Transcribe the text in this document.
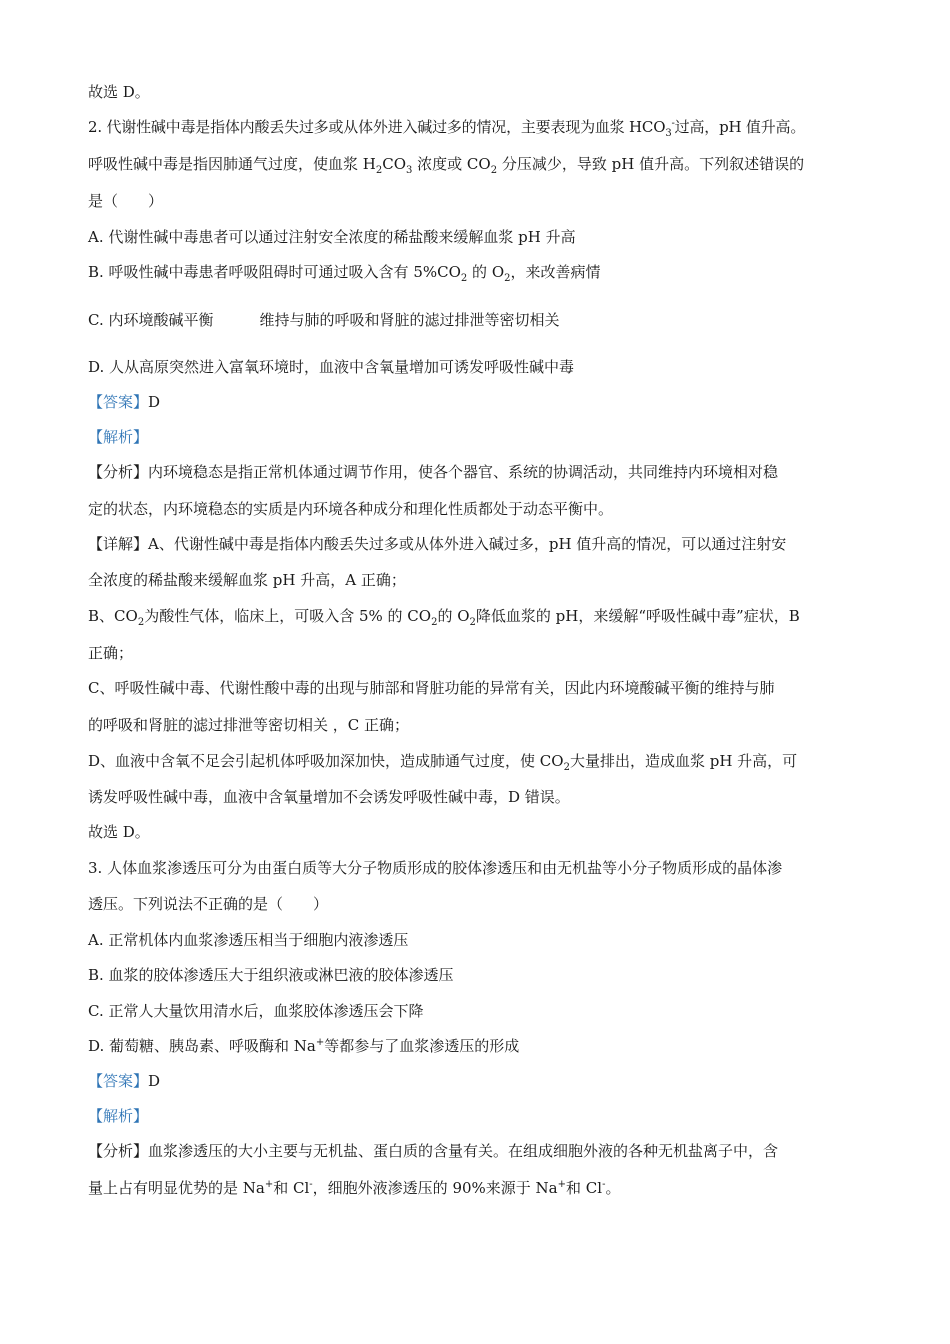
故选 D。
2. 代谢性碱中毒是指体内酸丢失过多或从体外进入碱过多的情况，主要表现为血浆 $HCO_3^-$过高，pH 值升高。
呼吸性碱中毒是指因肺通气过度，使血浆 $H_2CO_3$ 浓度或 $CO_2$ 分压减少，导致 pH 值升高。下列叙述错误的
是（　　）
A. 代谢性碱中毒患者可以通过注射安全浓度的稀盐酸来缓解血浆 pH 升高
B. 呼吸性碱中毒患者呼吸阻碍时可通过吸入含有 $5\%CO_2$ 的 $O_2$，来改善病情
C. 内环境酸碱平衡	维持与肺的呼吸和肾脏的滤过排泄等密切相关
D. 人从高原突然进入富氧环境时，血液中含氧量增加可诱发呼吸性碱中毒
【答案】D
【解析】
【分析】内环境稳态是指正常机体通过调节作用，使各个器官、系统的协调活动，共同维持内环境相对稳
定的状态，内环境稳态的实质是内环境各种成分和理化性质都处于动态平衡中。
【详解】A、代谢性碱中毒是指体内酸丢失过多或从体外进入碱过多，pH 值升高的情况，可以通过注射安
全浓度的稀盐酸来缓解血浆 pH 升高，A 正确；
B、$CO_2$为酸性气体，临床上，可吸入含 5% 的 $CO_2$的 $O_2$降低血浆的 pH，来缓解“呼吸性碱中毒”症状，B
正确；
C、呼吸性碱中毒、代谢性酸中毒的出现与肺部和肾脏功能的异常有关，因此内环境酸碱平衡的维持与肺
的呼吸和肾脏的滤过排泄等密切相关 ，C 正确；
D、血液中含氧不足会引起机体呼吸加深加快，造成肺通气过度，使 $CO_2$大量排出，造成血浆 pH 升高，可
诱发呼吸性碱中毒，血液中含氧量增加不会诱发呼吸性碱中毒，D 错误。
故选 D。
3. 人体血浆渗透压可分为由蛋白质等大分子物质形成的胶体渗透压和由无机盐等小分子物质形成的晶体渗
透压。下列说法不正确的是（　　）
A. 正常机体内血浆渗透压相当于细胞内液渗透压
B. 血浆的胶体渗透压大于组织液或淋巴液的胶体渗透压
C. 正常人大量饮用清水后，血浆胶体渗透压会下降
D. 葡萄糖、胰岛素、呼吸酶和 Na+等都参与了血浆渗透压的形成
【答案】D
【解析】
【分析】血浆渗透压的大小主要与无机盐、蛋白质的含量有关。在组成细胞外液的各种无机盐离子中，含
量上占有明显优势的是 Na+和 Cl-，细胞外液渗透压的 90%来源于 Na+和 Cl-。
